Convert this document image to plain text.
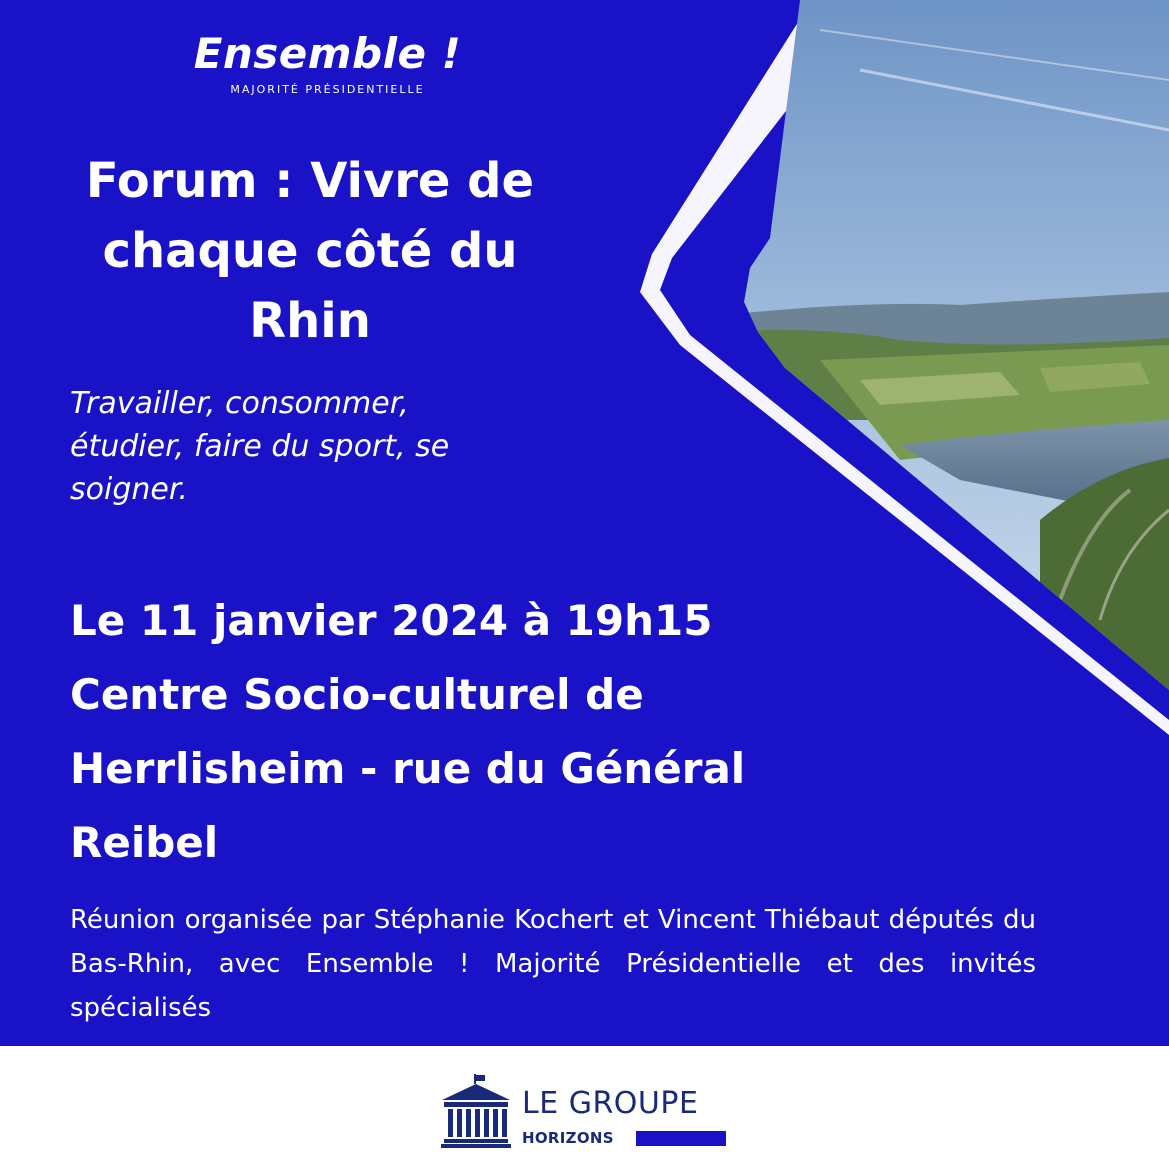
Ensemble !
MAJORITÉ PRÉSIDENTIELLE
Forum : Vivre de
chaque côté du
Rhin

Travailler, consommer,
étudier, faire du sport, se
soigner.

Le 11 janvier 2024 à 19h15
Centre Socio-culturel de
Herrlisheim - rue du Général
Reibel

Réunion organisée par Stéphanie Kochert et Vincent Thiébaut députés du Bas-Rhin, avec Ensemble ! Majorité Présidentielle et des invités spécialisés

LE GROUPE
HORIZONS
